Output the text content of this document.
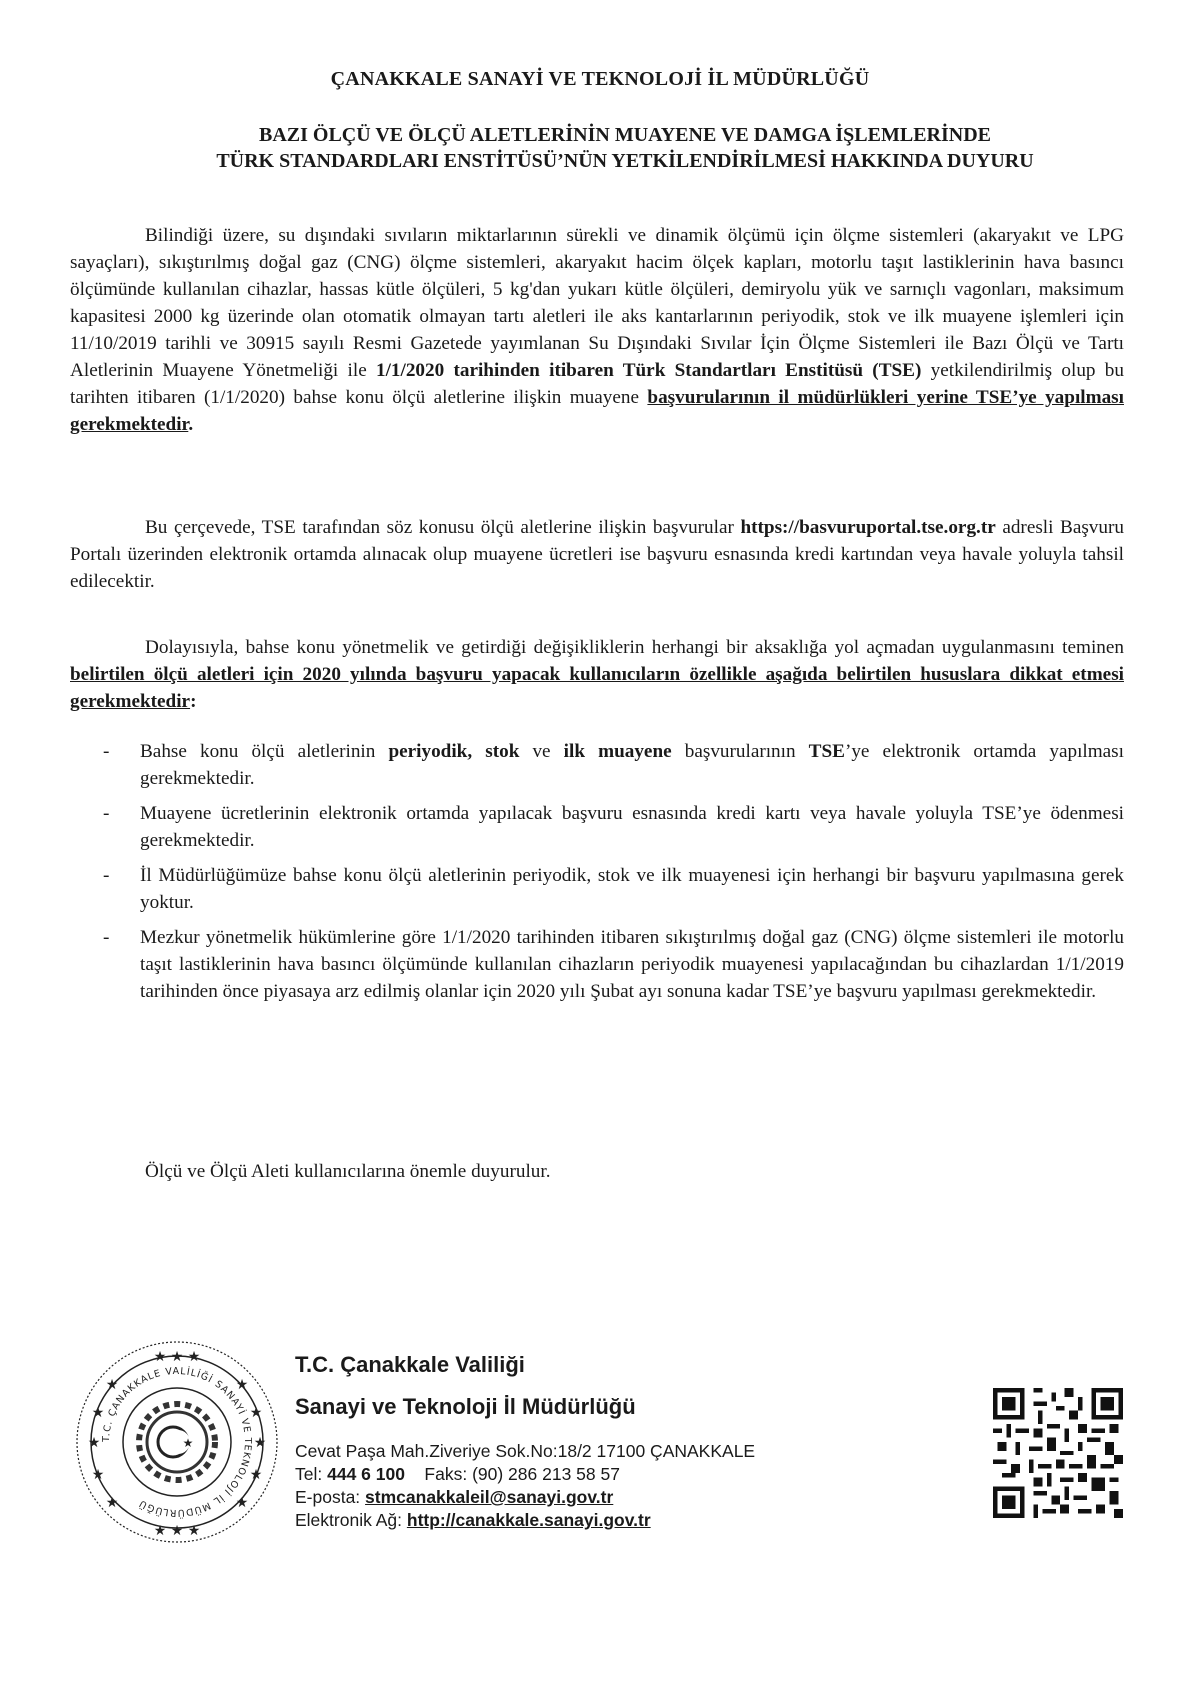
ÇANAKKALE SANAYİ VE TEKNOLOJİ İL MÜDÜRLÜĞÜ
BAZI ÖLÇÜ VE ÖLÇÜ ALETLERİNİN MUAYENE VE DAMGA İŞLEMLERİNDE
TÜRK STANDARDLARI ENSTİTÜSÜ’NÜN YETKİLENDİRİLMESİ HAKKINDA DUYURU
Bilindiği üzere, su dışındaki sıvıların miktarlarının sürekli ve dinamik ölçümü için ölçme sistemleri (akaryakıt ve LPG sayaçları), sıkıştırılmış doğal gaz (CNG) ölçme sistemleri, akaryakıt hacim ölçek kapları, motorlu taşıt lastiklerinin hava basıncı ölçümünde kullanılan cihazlar, hassas kütle ölçüleri, 5 kg'dan yukarı kütle ölçüleri, demiryolu yük ve sarnıçlı vagonları, maksimum kapasitesi 2000 kg üzerinde olan otomatik olmayan tartı aletleri ile aks kantarlarının periyodik, stok ve ilk muayene işlemleri için 11/10/2019 tarihli ve 30915 sayılı Resmi Gazetede yayımlanan Su Dışındaki Sıvılar İçin Ölçme Sistemleri ile Bazı Ölçü ve Tartı Aletlerinin Muayene Yönetmeliği ile 1/1/2020 tarihinden itibaren Türk Standartları Enstitüsü (TSE) yetkilendirilmiş olup bu tarihten itibaren (1/1/2020) bahse konu ölçü aletlerine ilişkin muayene başvurularının il müdürlükleri yerine TSE’ye yapılması gerekmektedir.
Bu çerçevede, TSE tarafından söz konusu ölçü aletlerine ilişkin başvurular https://basvuruportal.tse.org.tr adresli Başvuru Portalı üzerinden elektronik ortamda alınacak olup muayene ücretleri ise başvuru esnasında kredi kartından veya havale yoluyla tahsil edilecektir.
Dolayısıyla, bahse konu yönetmelik ve getirdiği değişikliklerin herhangi bir aksaklığa yol açmadan uygulanmasını teminen belirtilen ölçü aletleri için 2020 yılında başvuru yapacak kullanıcıların özellikle aşağıda belirtilen hususlara dikkat etmesi gerekmektedir:
- Bahse konu ölçü aletlerinin periyodik, stok ve ilk muayene başvurularının TSE’ye elektronik ortamda yapılması gerekmektedir.
- Muayene ücretlerinin elektronik ortamda yapılacak başvuru esnasında kredi kartı veya havale yoluyla TSE’ye ödenmesi gerekmektedir.
- İl Müdürlüğümüze bahse konu ölçü aletlerinin periyodik, stok ve ilk muayenesi için herhangi bir başvuru yapılmasına gerek yoktur.
- Mezkur yönetmelik hükümlerine göre 1/1/2020 tarihinden itibaren sıkıştırılmış doğal gaz (CNG) ölçme sistemleri ile motorlu taşıt lastiklerinin hava basıncı ölçümünde kullanılan cihazların periyodik muayenesi yapılacağından bu cihazlardan 1/1/2019 tarihinden önce piyasaya arz edilmiş olanlar için 2020 yılı Şubat ayı sonuna kadar TSE’ye başvuru yapılması gerekmektedir.
Ölçü ve Ölçü Aleti kullanıcılarına önemle duyurulur.
★ ★ ★
★ ★ ★
★	★
★	★
★	★
★	★
★	★
T.C. ÇANAKKALE VALİLİĞİ SANAYİ VE TEKNOLOJİ İL MÜDÜRLÜĞÜ
★
T.C. Çanakkale Valiliği
Sanayi ve Teknoloji İl Müdürlüğü
Cevat Paşa Mah.Ziveriye Sok.No:18/2 17100 ÇANAKKALE
Tel: 444 6 100    Faks: (90) 286 213 58 57
E-posta: stmcanakkaleil@sanayi.gov.tr
Elektronik Ağ: http://canakkale.sanayi.gov.tr
